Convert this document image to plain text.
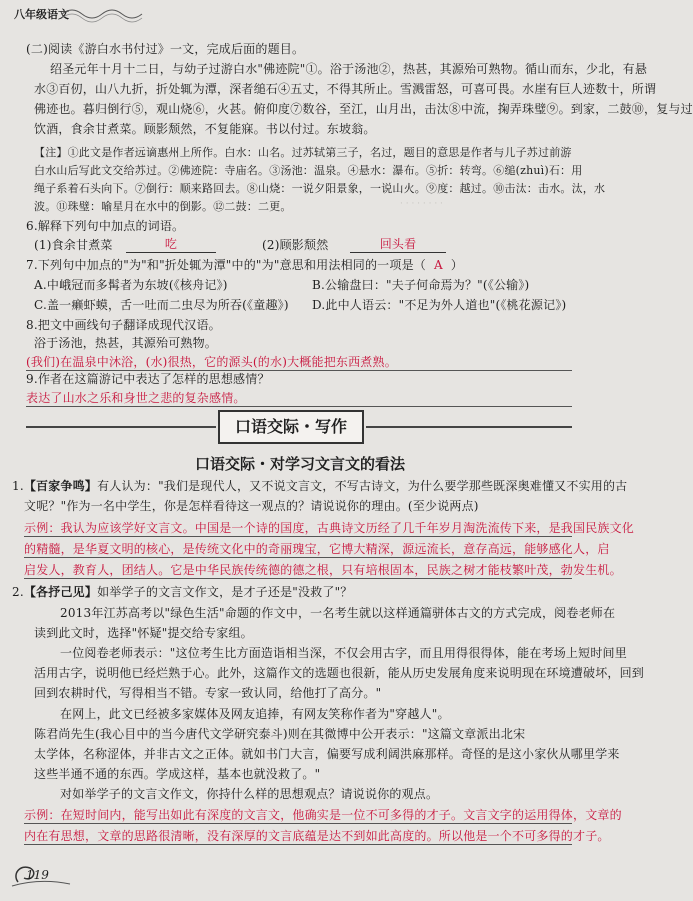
八年级语文
(二)阅读《游白水书付过》一文，完成后面的题目。
绍圣元年十月十二日，与幼子过游白水"佛迹院"①。浴于汤池②，热甚，其源殆可熟物。循山而东，少北，有悬
水③百仞，山八九折，折处辄为潭，深者缒石④五丈，不得其所止。雪溅雷怒，可喜可畏。水崖有巨人迹数十，所谓
佛迹也。暮归倒行⑤，观山烧⑥，火甚。俯仰度⑦数谷，至江，山月出，击汰⑧中流，掬弄珠璧⑨。到家，二鼓⑩，复与过
饮酒，食余甘煮菜。顾影颓然，不复能寐。书以付过。东坡翁。
【注】①此文是作者远谪惠州上所作。白水：山名。过苏轼第三子，名过，题目的意思是作者与儿子苏过前游
白水山后写此文交给苏过。②佛迹院：寺庙名。③汤池：温泉。④悬水：瀑布。⑤折：转弯。⑥缒(zhuì)石：用
绳子系着石头向下。⑦倒行：顺来路回去。⑧山烧：一说夕阳景象，一说山火。⑨度：越过。⑩击汰：击水。汰，水
波。⑪珠璧：喻星月在水中的倒影。⑫二鼓：二更。	· · · · · · · ·
6.解释下列句中加点的词语。
(1)食余甘煮菜	吃	(2)顾影颓然	回头看
7.下列句中加点的"为"和"折处辄为潭"中的"为"意思和用法相同的一项是（ A ）
A.中峨冠而多髯者为东坡(《核舟记》)	B.公输盘曰："夫子何命焉为？"(《公输》)
C.盖一癞虾蟆，舌一吐而二虫尽为所吞(《童趣》) D.此中人语云："不足为外人道也"(《桃花源记》)
8.把文中画线句子翻译成现代汉语。
浴于汤池，热甚，其源殆可熟物。
(我们)在温泉中沐浴，(水)很热，它的源头(的水)大概能把东西煮熟。
9.作者在这篇游记中表达了怎样的思想感情？
表达了山水之乐和身世之悲的复杂感情。
口语交际・写作
口语交际・对学习文言文的看法
1.【百家争鸣】有人认为："我们是现代人，又不说文言文，不写古诗文，为什么要学那些既深奥难懂又不实用的古
文呢？"作为一名中学生，你是怎样看待这一观点的？请说说你的理由。(至少说两点)
示例：我认为应该学好文言文。中国是一个诗的国度，古典诗文历经了几千年岁月淘洗流传下来，是我国民族文化
的精髓，是华夏文明的核心，是传统文化中的奇丽瑰宝，它博大精深，源远流长，意存高远，能够感化人，启
启发人，教育人，团结人。它是中华民族传统德的德之根，只有培根固本，民族之树才能枝繁叶茂，勃发生机。
2.【各抒己见】如举学子的文言文作文，是才子还是"没救了"？
2013年江苏高考以"绿色生活"命题的作文中，一名考生就以这样通篇骈体古文的方式完成，阅卷老师在
读到此文时，选择"怀疑"提交给专家组。
一位阅卷老师表示："这位考生比方面造诣相当深，不仅会用古字，而且用得很得体，能在考场上短时间里
活用古字，说明他已经烂熟于心。此外，这篇作文的选题也很新，能从历史发展角度来说明现在环境遭破坏，回到
回到农耕时代，写得相当不错。专家一致认同，给他打了高分。"
在网上，此文已经被多家媒体及网友追捧，有网友笑称作者为"穿越人"。
陈君尚先生(我心目中的当今唐代文学研究泰斗)则在其微博中公开表示："这篇文章派出北宋
太学体，名称涩体，并非古文之正体。就如书门大言，偏要写成利阔洪麻那样。奇怪的是这小家伙从哪里学来
这些半通不通的东西。学成这样，基本也就没救了。"
对如举学子的文言文作文，你持什么样的思想观点？请说说你的观点。
示例：在短时间内，能写出如此有深度的文言文，他确实是一位不可多得的才子。文言文字的运用得体，文章的
内在有思想，文章的思路很清晰，没有深厚的文言底蕴是达不到如此高度的。所以他是一个不可多得的才子。
119
